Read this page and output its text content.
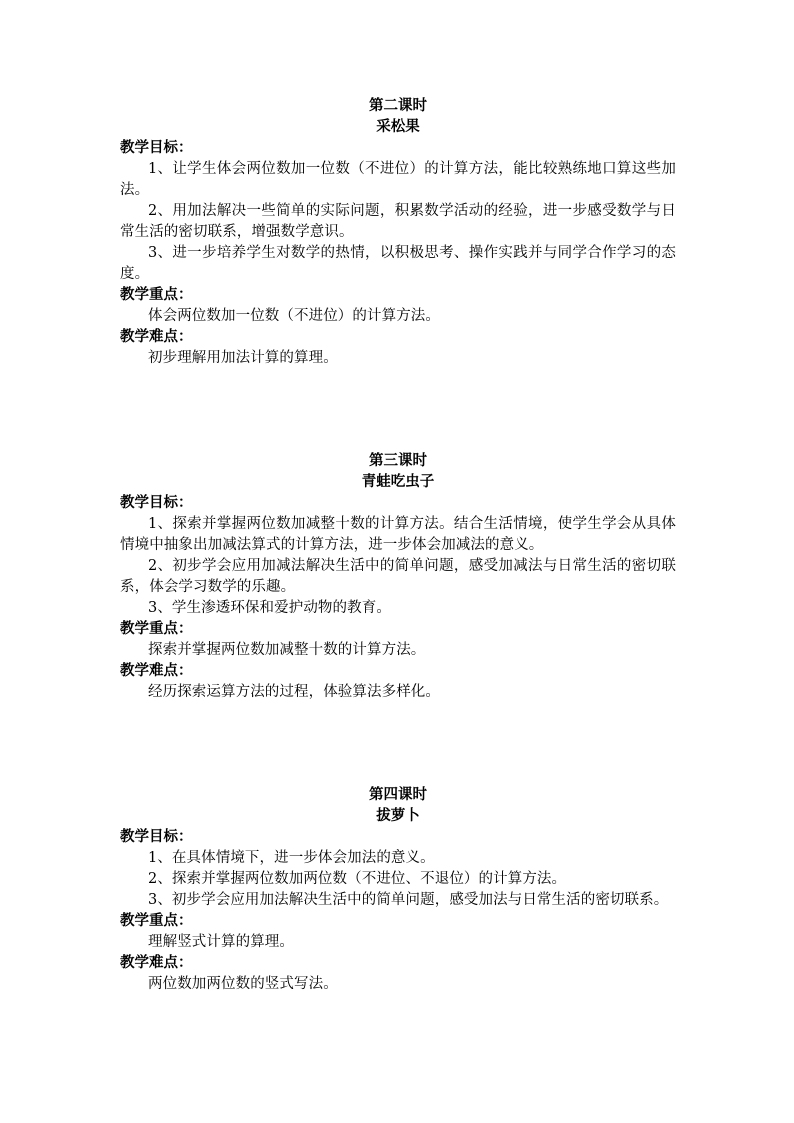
第二课时
采松果
教学目标：

1、让学生体会两位数加一位数（不进位）的计算方法，能比较熟练地口算这些加法。

2、用加法解决一些简单的实际问题，积累数学活动的经验，进一步感受数学与日常生活的密切联系，增强数学意识。

3、进一步培养学生对数学的热情，以积极思考、操作实践并与同学合作学习的态度。

教学重点：

体会两位数加一位数（不进位）的计算方法。

教学难点：

初步理解用加法计算的算理。

第三课时
青蛙吃虫子
教学目标：

1、探索并掌握两位数加减整十数的计算方法。结合生活情境，使学生学会从具体情境中抽象出加减法算式的计算方法，进一步体会加减法的意义。

2、初步学会应用加减法解决生活中的简单问题，感受加减法与日常生活的密切联系，体会学习数学的乐趣。

3、学生渗透环保和爱护动物的教育。

教学重点：

探索并掌握两位数加减整十数的计算方法。

教学难点：

经历探索运算方法的过程，体验算法多样化。

第四课时
拔萝卜
教学目标：

1、在具体情境下，进一步体会加法的意义。

2、探索并掌握两位数加两位数（不进位、不退位）的计算方法。

3、初步学会应用加法解决生活中的简单问题，感受加法与日常生活的密切联系。

教学重点：

理解竖式计算的算理。

教学难点：

两位数加两位数的竖式写法。
